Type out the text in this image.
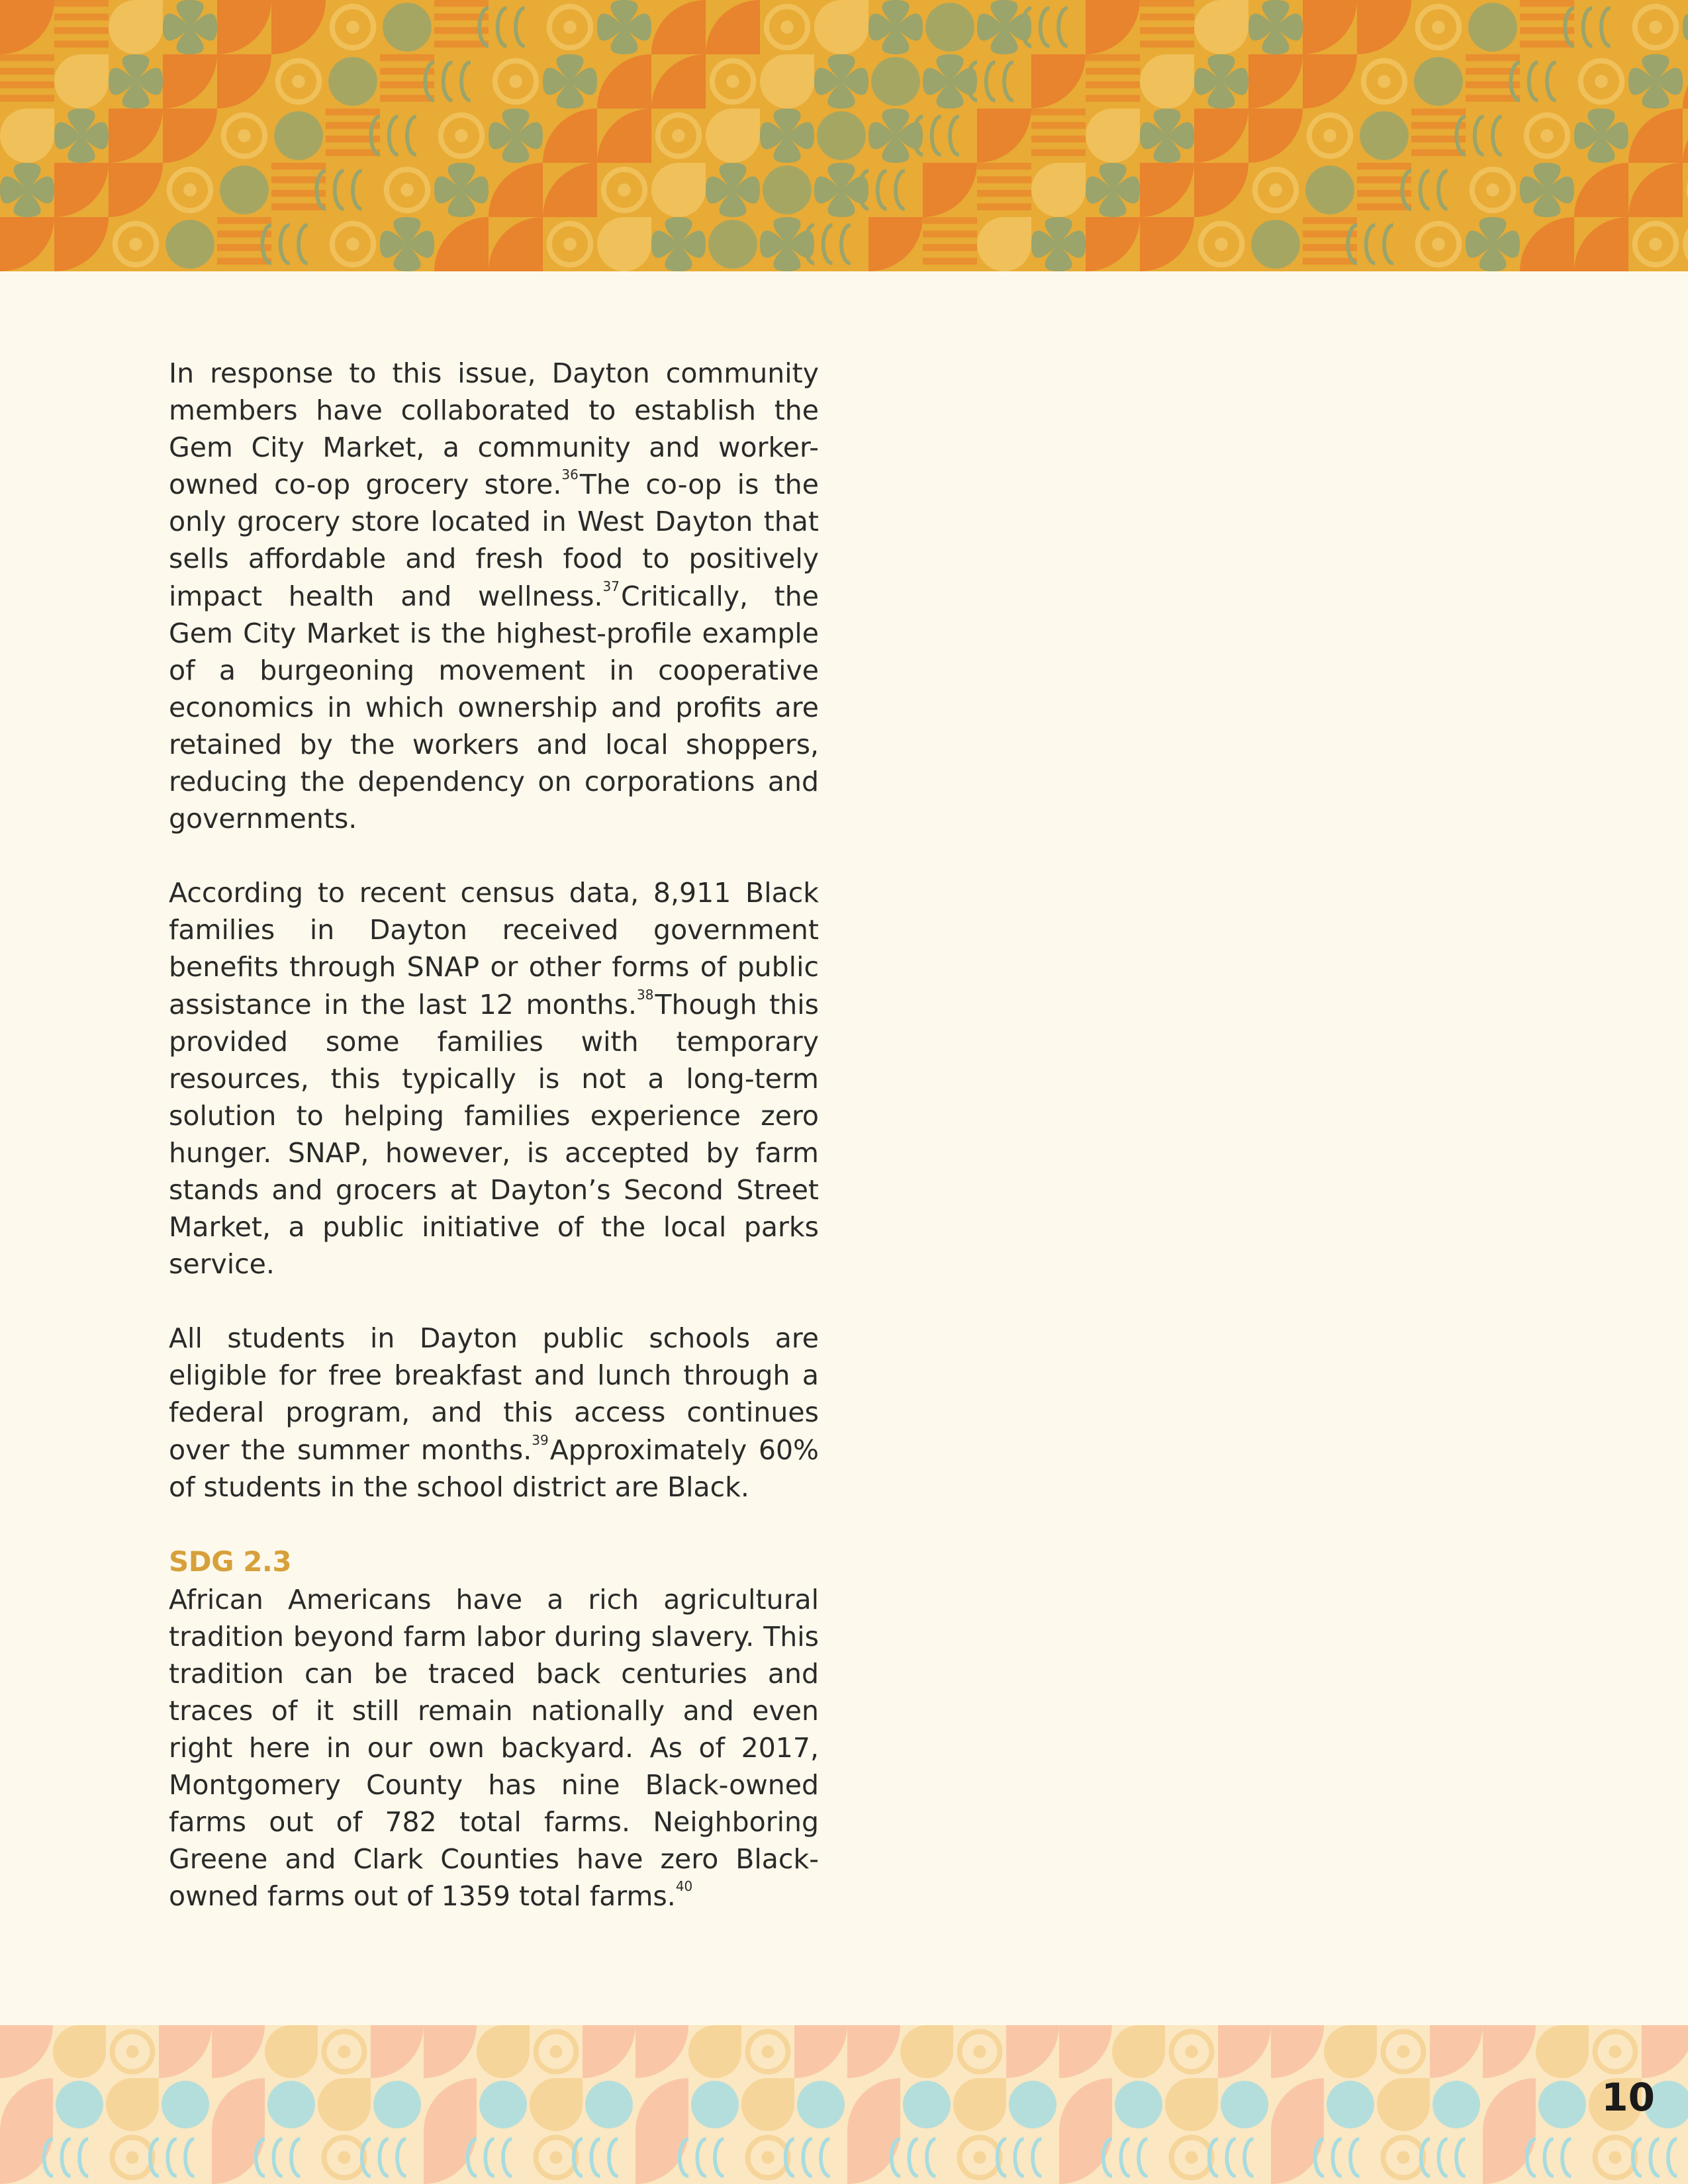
In response to this issue, Dayton community members have collaborated to establish the Gem City Market, a community and worker-owned co-op grocery store.$^{36}$The co-op is the only grocery store located in West Dayton that sells affordable and fresh food to positively impact health and wellness.$^{37}$Critically, the Gem City Market is the highest-profile example of a burgeoning movement in cooperative economics in which ownership and profits are retained by the workers and local shoppers, reducing the dependency on corporations and governments.

According to recent census data, 8,911 Black families in Dayton received government benefits through SNAP or other forms of public assistance in the last 12 months.$^{38}$Though this provided some families with temporary resources, this typically is not a long-term solution to helping families experience zero hunger. SNAP, however, is accepted by farm stands and grocers at Dayton’s Second Street Market, a public initiative of the local parks service.

All students in Dayton public schools are eligible for free breakfast and lunch through a federal program, and this access continues over the summer months.$^{39}$Approximately 60% of students in the school district are Black.

SDG 2.3

African Americans have a rich agricultural tradition beyond farm labor during slavery. This tradition can be traced back centuries and traces of it still remain nationally and even right here in our own backyard. As of 2017, Montgomery County has nine Black-owned farms out of 782 total farms. Neighboring Greene and Clark Counties have zero Black-owned farms out of 1359 total farms.$^{40}$

10
